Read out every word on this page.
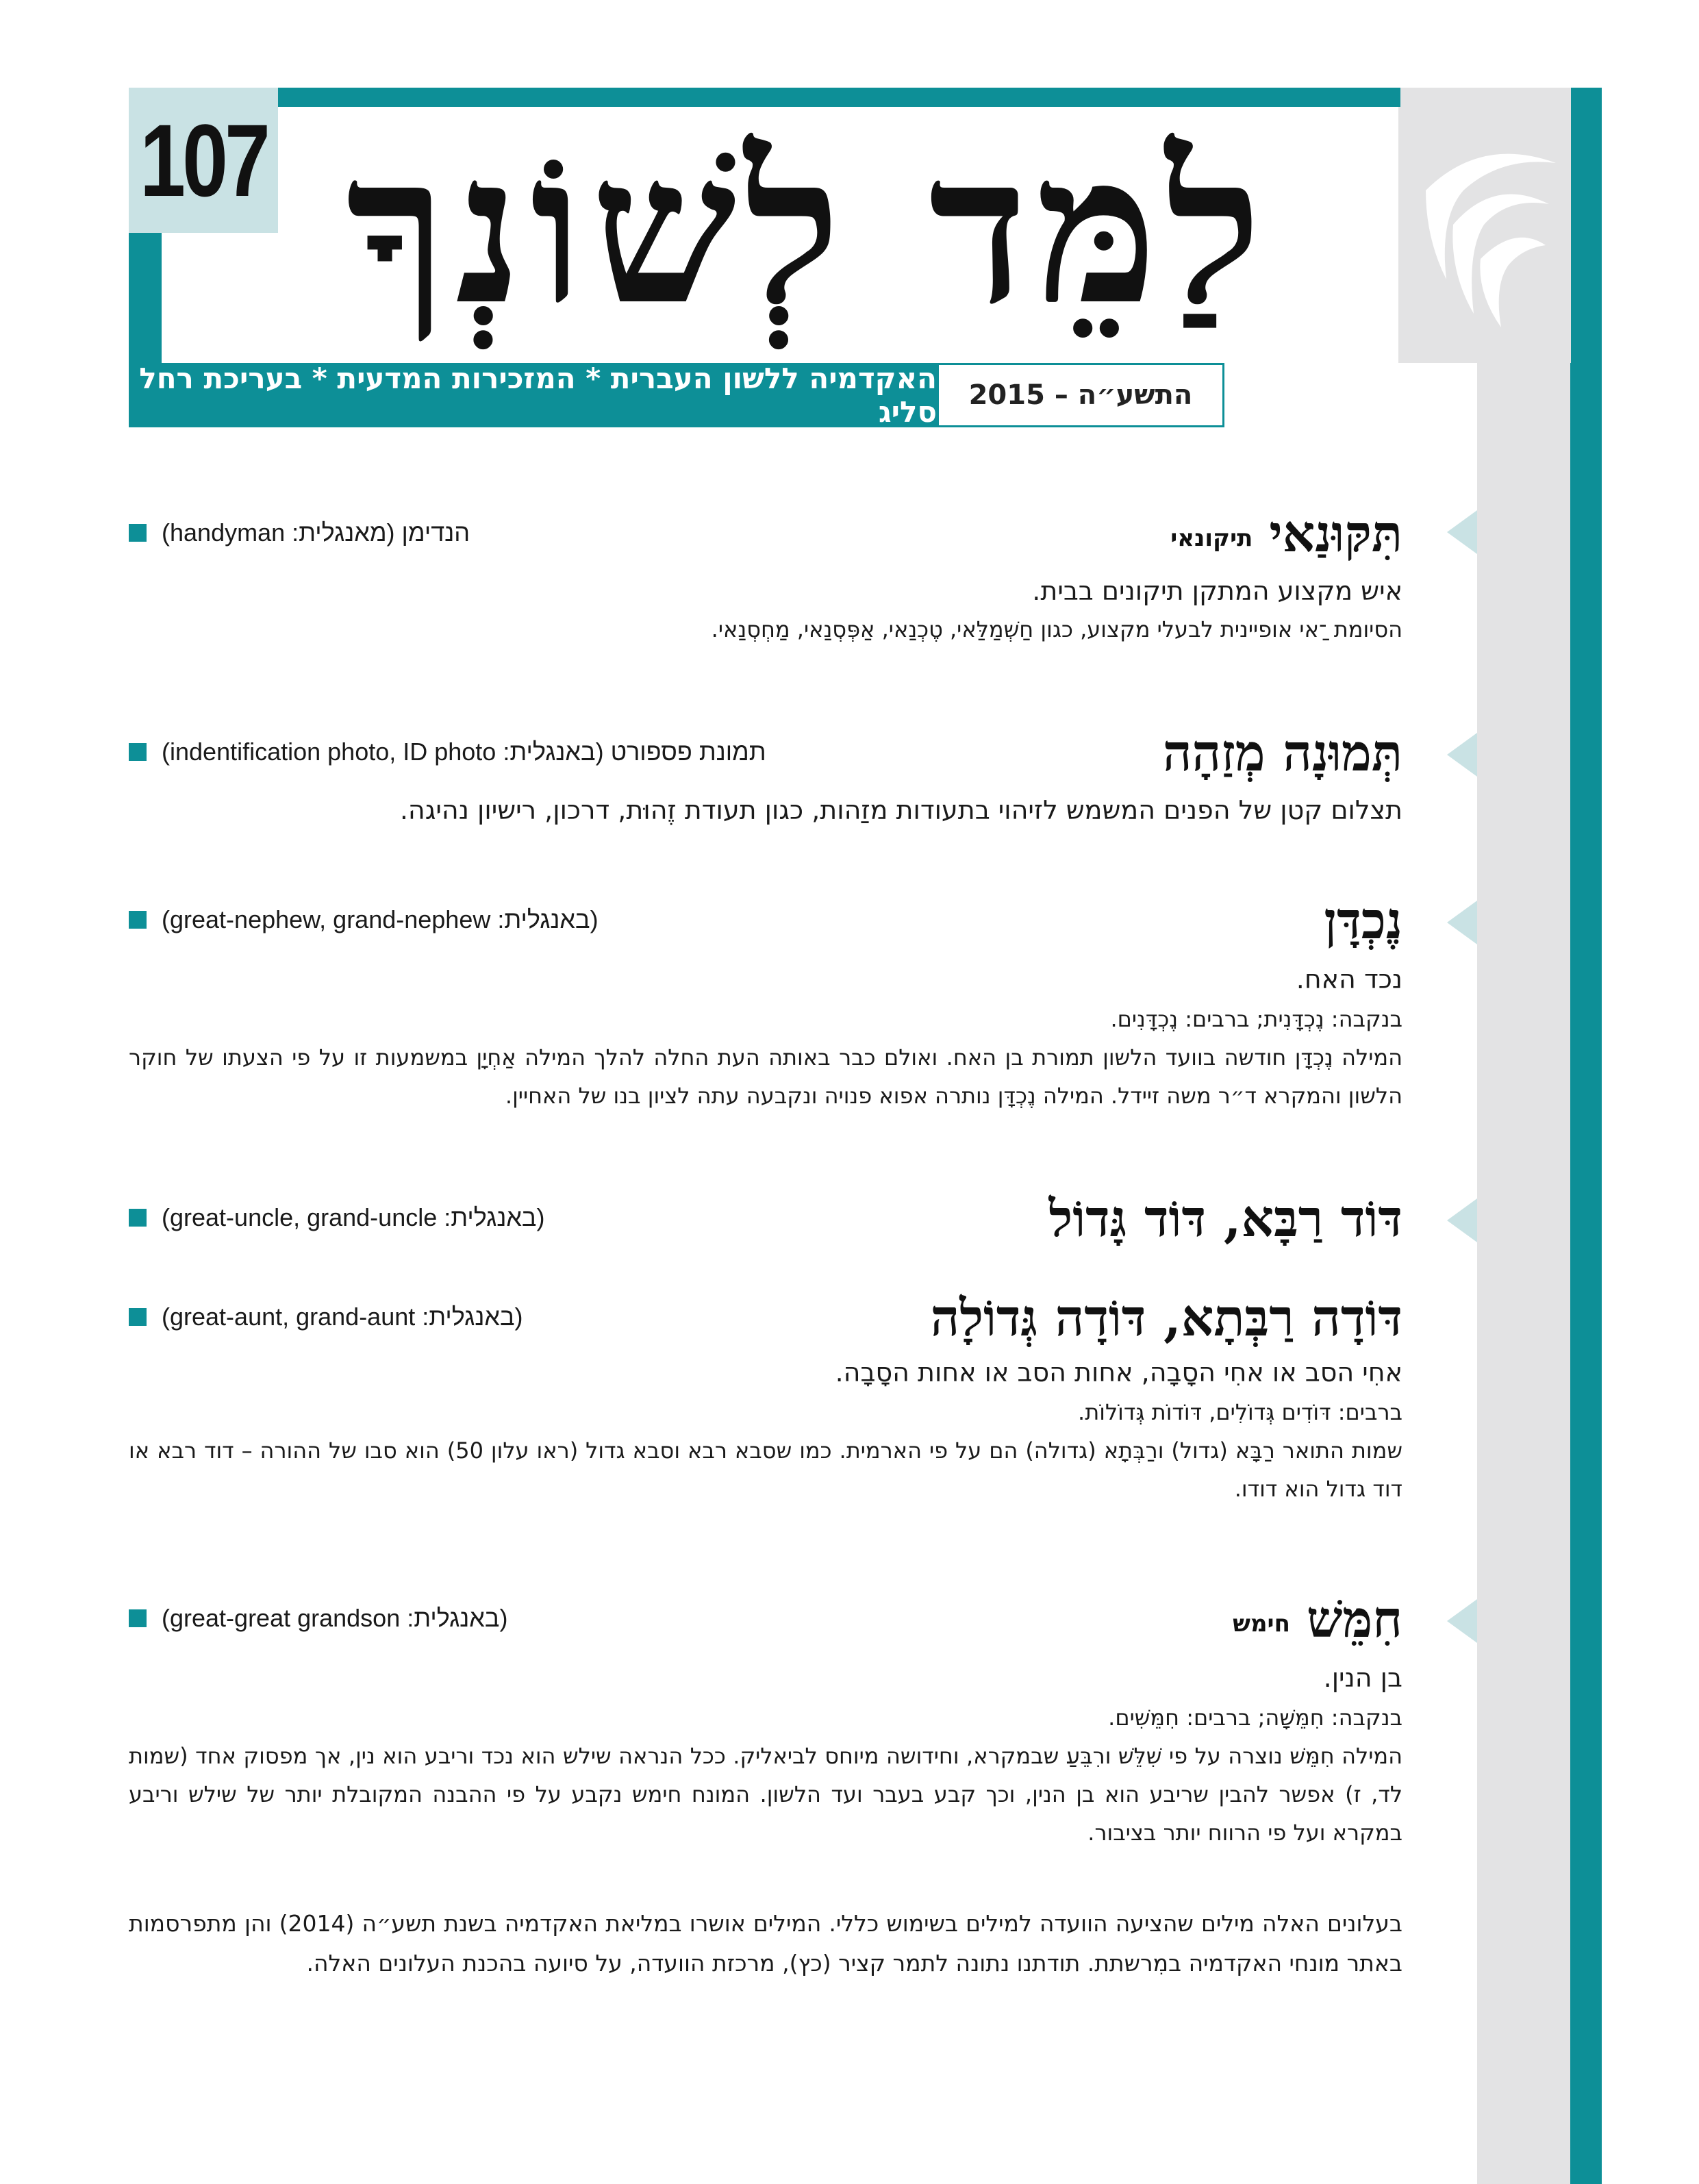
107 לַמֵּד לְשׁוֹנְךָ
האקדמיה ללשון העברית * המזכירות המדעית * בעריכת רחל סליג	התשע״ה – 2015
תִּקּוּנַאיתיקונאי
הנדימן (מאנגלית: handyman)
איש מקצוע המתקן תיקונים בבית.
הסיומת ־ַאי אופיינית לבעלי מקצוע, כגון חַשְׁמַלַּאי, טֶכְנַאי, אַפְּסְנַאי, מַחְסְנַאי.
תְּמוּנָה מְזַהָה
תמונת פספורט (באנגלית: indentification photo, ID photo)
תצלום קטן של הפנים המשמש לזיהוי בתעודות מזַהות, כגון תעודת זֶהוּת, דרכון, רישיון נהיגה.
נֶכְדָּן
(באנגלית: great-nephew, grand-nephew)
נכד האח.
בנקבה: נֶכְדָּנִית; ברבים: נֶכְדָּנִים.
המילה נֶכְדָּן חודשה בוועד הלשון תמורת בן האח. ואולם כבר באותה העת החלה להלך המילה אַחְיָן במשמעות זו על פי הצעתו של חוקר הלשון והמקרא ד״ר משה זיידל. המילה נֶכְדָּן נותרה אפוא פנויה ונקבעה עתה לציון בנו של האחיין.
דּוֹד רַבָּא, דּוֹד גָּדוֹל
(באנגלית: great-uncle, grand-uncle)
דּוֹדָה רַבְּתָא, דּוֹדָה גְּדוֹלָה
(באנגלית: great-aunt, grand-aunt)
אחִי הסב או אחִי הסָבָה, אחות הסב או אחות הסָבָה.
ברבים: דּוֹדִים גְּדוֹלִים, דּוֹדוֹת גְּדוֹלוֹת.
שמות התואר רַבָּא (גדול) ורַבְּתָא (גדולה) הם על פי הארמית. כמו שסבא רבא וסבא גדול (ראו עלון 50) הוא סבו של ההורה – דוד רבא או דוד גדול הוא דודו.
חִמֵּשׁחימש
(באנגלית: great-great grandson)
בן הנין.
בנקבה: חִמֵּשָׁה; ברבים: חִמֵּשִׁים.
המילה חִמֵּשׁ נוצרה על פי שִׁלֵּשׁ ורִבֵּעַ שבמקרא, וחידושה מיוחס לביאליק. ככל הנראה שילש הוא נכד וריבע הוא נין, אך מפסוק אחד (שמות לד, ז) אפשר להבין שריבע הוא בן הנין, וכך קבע בעבר ועד הלשון. המונח חימש נקבע על פי ההבנה המקובלת יותר של שילש וריבע במקרא ועל פי הרווח יותר בציבור.
בעלונים האלה מילים שהציעה הוועדה למילים בשימוש כללי. המילים אושרו במליאת האקדמיה בשנת תשע״ה (2014) והן מתפרסמות באתר מונחי האקדמיה במִרשתת. תודתנו נתונה לתמר קציר (כץ), מרכזת הוועדה, על סיועה בהכנת העלונים האלה.
